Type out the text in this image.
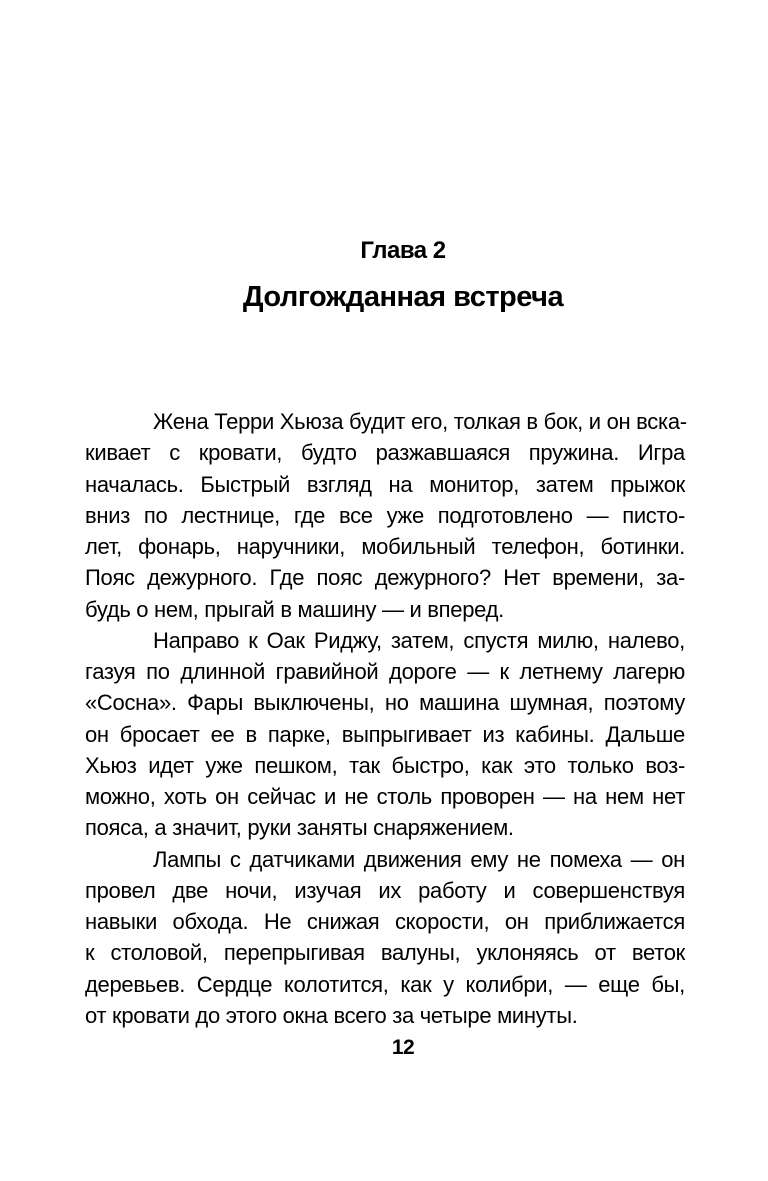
Глава 2
Долгожданная встреча
Жена Терри Хьюза будит его, толкая в бок, и он вска-
кивает с кровати, будто разжавшаяся пружина. Игра
началась. Быстрый взгляд на монитор, затем прыжок
вниз по лестнице, где все уже подготовлено — писто-
лет, фонарь, наручники, мобильный телефон, ботинки.
Пояс дежурного. Где пояс дежурного? Нет времени, за-
будь о нем, прыгай в машину — и вперед.
Направо к Оак Риджу, затем, спустя милю, налево,
газуя по длинной гравийной дороге — к летнему лагерю
«Сосна». Фары выключены, но машина шумная, поэтому
он бросает ее в парке, выпрыгивает из кабины. Дальше
Хьюз идет уже пешком, так быстро, как это только воз-
можно, хоть он сейчас и не столь проворен — на нем нет
пояса, а значит, руки заняты снаряжением.
Лампы с датчиками движения ему не помеха — он
провел две ночи, изучая их работу и совершенствуя
навыки обхода. Не снижая скорости, он приближается
к столовой, перепрыгивая валуны, уклоняясь от веток
деревьев. Сердце колотится, как у колибри, — еще бы,
от кровати до этого окна всего за четыре минуты.
12
